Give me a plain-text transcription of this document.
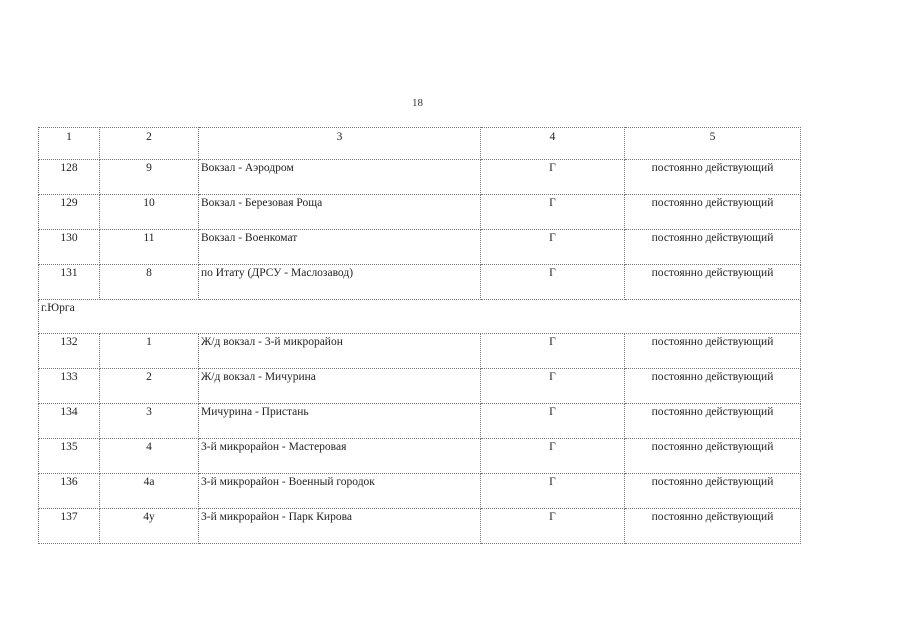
18
1	2	3	4	5
128	9	Вокзал - Аэродром	Г	постоянно действующий
129	10	Вокзал - Березовая Роща	Г	постоянно действующий
130	11	Вокзал - Военкомат	Г	постоянно действующий
131	8	по Итату (ДРСУ - Маслозавод)	Г	постоянно действующий
г.Юрга				
132	1	Ж/д вокзал - 3-й микрорайон	Г	постоянно действующий
133	2	Ж/д вокзал - Мичурина	Г	постоянно действующий
134	3	Мичурина - Пристань	Г	постоянно действующий
135	4	3-й микрорайон - Мастеровая	Г	постоянно действующий
136	4а	3-й микрорайон - Военный городок	Г	постоянно действующий
137	4у	3-й микрорайон - Парк Кирова	Г	постоянно действующий
